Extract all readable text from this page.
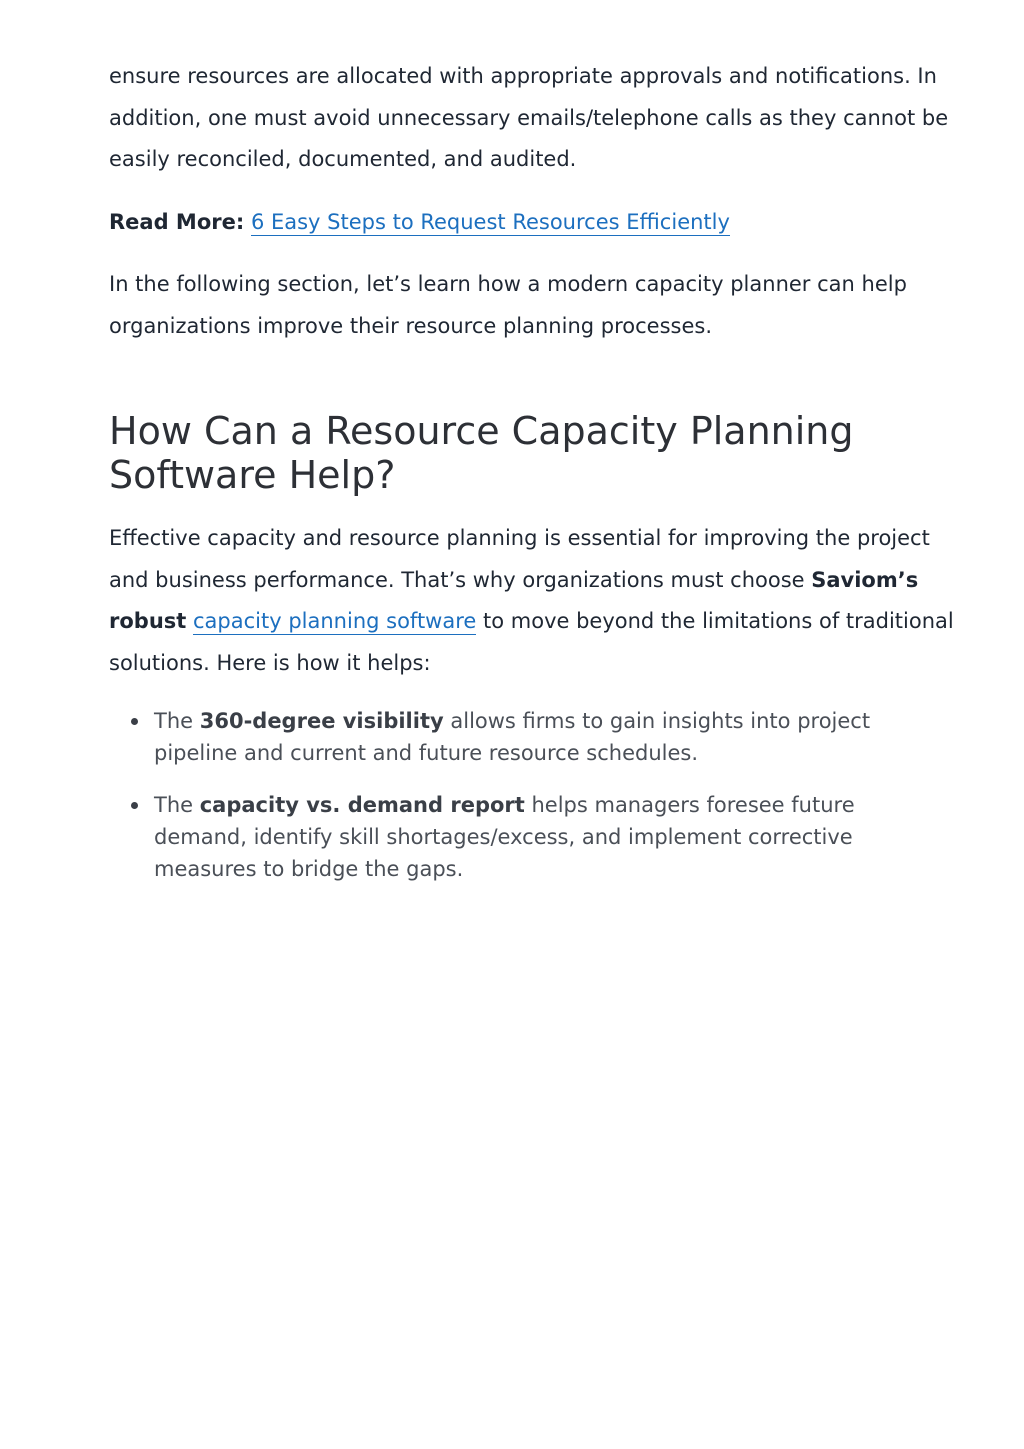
ensure resources are allocated with appropriate approvals and notifications. In addition, one must avoid unnecessary emails/telephone calls as they cannot be easily reconciled, documented, and audited.

Read More: 6 Easy Steps to Request Resources Efficiently

In the following section, let’s learn how a modern capacity planner can help organizations improve their resource planning processes.

How Can a Resource Capacity Planning Software Help?

Effective capacity and resource planning is essential for improving the project and business performance. That’s why organizations must choose Saviom’s robust capacity planning software to move beyond the limitations of traditional solutions. Here is how it helps:

The 360-degree visibility allows firms to gain insights into project pipeline and current and future resource schedules.
The capacity vs. demand report helps managers foresee future demand, identify skill shortages/excess, and implement corrective measures to bridge the gaps.
